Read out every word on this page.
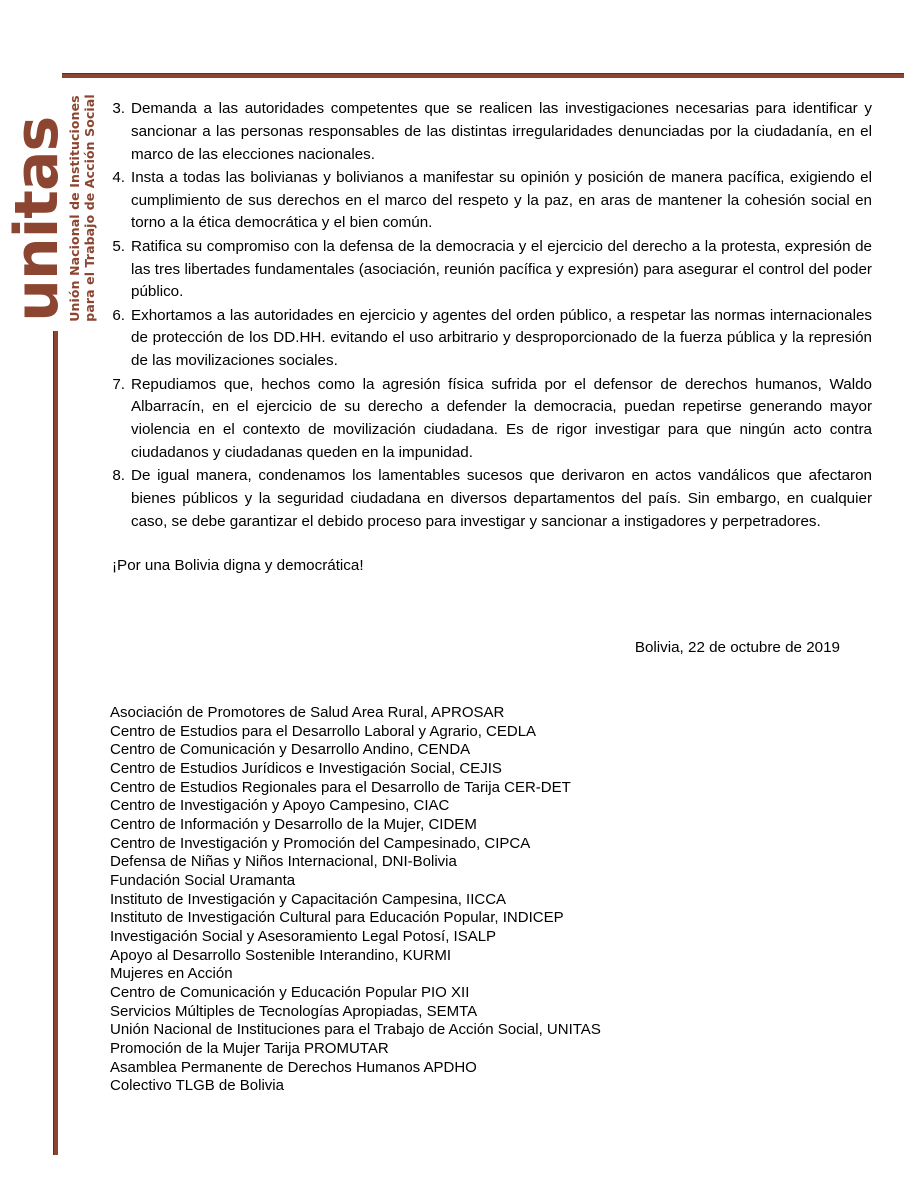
unitas
Unión Nacional de Instituciones para el Trabajo de Acción Social 3. Demanda a las autoridades competentes que se realicen las investigaciones necesarias para identificar y sancionar a las personas responsables de las distintas irregularidades denunciadas por la ciudadanía, en el marco de las elecciones nacionales.
4. Insta a todas las bolivianas y bolivianos a manifestar su opinión y posición de manera pacífica, exigiendo el cumplimiento de sus derechos en el marco del respeto y la paz, en aras de mantener la cohesión social en torno a la ética democrática y el bien común.
5. Ratifica su compromiso con la defensa de la democracia y el ejercicio del derecho a la protesta, expresión de las tres libertades fundamentales (asociación, reunión pacífica y expresión) para asegurar el control del poder público.
6. Exhortamos a las autoridades en ejercicio y agentes del orden público, a respetar las normas internacionales de protección de los DD.HH. evitando el uso arbitrario y desproporcionado de la fuerza pública y la represión de las movilizaciones sociales.
7. Repudiamos que, hechos como la agresión física sufrida por el defensor de derechos humanos, Waldo Albarracín, en el ejercicio de su derecho a defender la democracia, puedan repetirse generando mayor violencia en el contexto de movilización ciudadana. Es de rigor investigar para que ningún acto contra ciudadanos y ciudadanas queden en la impunidad.
8. De igual manera, condenamos los lamentables sucesos que derivaron en actos vandálicos que afectaron bienes públicos y la seguridad ciudadana en diversos departamentos del país. Sin embargo, en cualquier caso, se debe garantizar el debido proceso para investigar y sancionar a instigadores y perpetradores.
¡Por una Bolivia digna y democrática!
Bolivia, 22 de octubre de 2019
Asociación de Promotores de Salud Area Rural, APROSAR
Centro de Estudios para el Desarrollo Laboral y Agrario, CEDLA
Centro de Comunicación y Desarrollo Andino, CENDA
Centro de Estudios Jurídicos e Investigación Social, CEJIS
Centro de Estudios Regionales para el Desarrollo de Tarija CER-DET
Centro de Investigación y Apoyo Campesino, CIAC
Centro de Información y Desarrollo de la Mujer, CIDEM
Centro de Investigación y Promoción del Campesinado, CIPCA
Defensa de Niñas y Niños Internacional, DNI-Bolivia
Fundación Social Uramanta
Instituto de Investigación y Capacitación Campesina, IICCA
Instituto de Investigación Cultural para Educación Popular, INDICEP
Investigación Social y Asesoramiento Legal Potosí, ISALP
Apoyo al Desarrollo Sostenible Interandino, KURMI
Mujeres en Acción
Centro de Comunicación y Educación Popular PIO XII
Servicios Múltiples de Tecnologías Apropiadas, SEMTA
Unión Nacional de Instituciones para el Trabajo de Acción Social, UNITAS
Promoción de la Mujer Tarija PROMUTAR
Asamblea Permanente de Derechos Humanos APDHO
Colectivo TLGB de Bolivia
